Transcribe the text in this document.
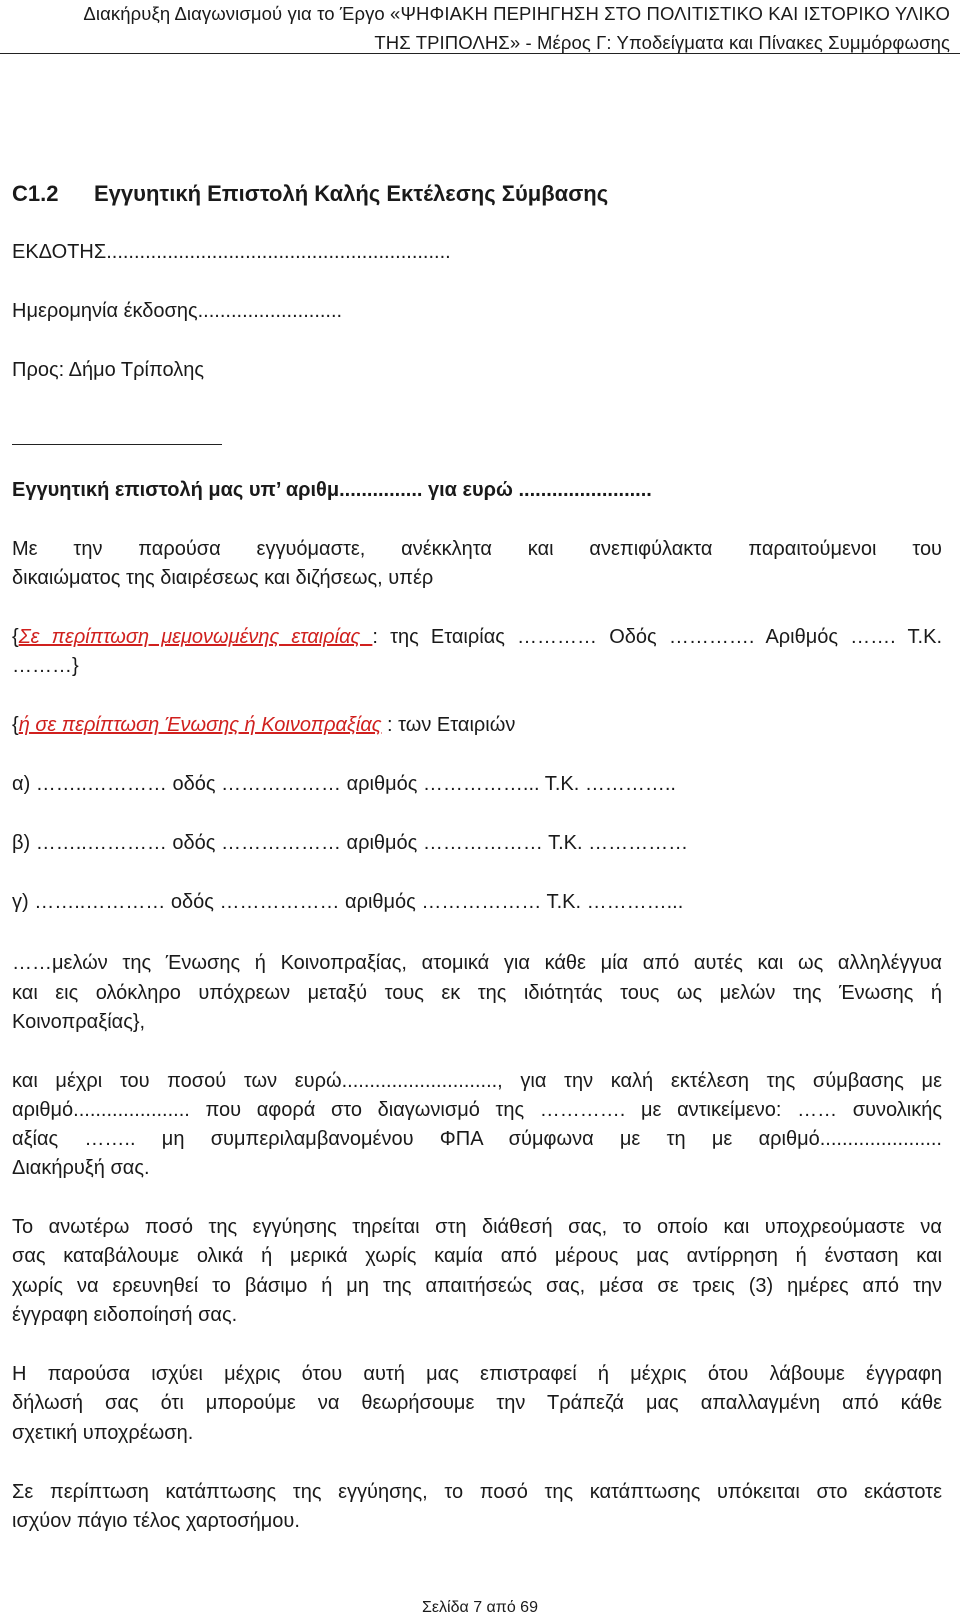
Διακήρυξη Διαγωνισμού για το Έργο «ΨΗΦΙΑΚΗ ΠΕΡΙΗΓΗΣΗ ΣΤΟ ΠΟΛΙΤΙΣΤΙΚΟ ΚΑΙ ΙΣΤΟΡΙΚΟ ΥΛΙΚΟ
ΤΗΣ ΤΡΙΠΟΛΗΣ» - Μέρος Γ: Υποδείγματα και Πίνακες Συμμόρφωσης
C1.2 Εγγυητική Επιστολή Καλής Εκτέλεσης Σύμβασης
ΕΚΔΟΤΗΣ..............................................................
Ημερομηνία έκδοσης..........................
Προς: Δήμο Τρίπολης
Εγγυητική επιστολή μας υπ’ αριθμ............... για ευρώ ........................
Με την παρούσα εγγυόμαστε, ανέκκλητα και ανεπιφύλακτα παραιτούμενοι του
δικαιώματος της διαιρέσεως και διζήσεως, υπέρ
{Σε περίπτωση μεμονωμένης εταιρίας : της Εταιρίας ………… Οδός …………. Αριθμός ……. Τ.Κ.
………}
{ή σε περίπτωση Ένωσης ή Κοινοπραξίας : των Εταιριών
α) ……..………… οδός ……………… αριθμός ……………... Τ.Κ. …………..
β) ……..………… οδός ……………… αριθμός ……………… Τ.Κ. ……………
γ) ……..………… οδός ……………… αριθμός ……………… Τ.Κ. …………...
……μελών της Ένωσης ή Κοινοπραξίας, ατομικά για κάθε μία από αυτές και ως αλληλέγγυα
και εις ολόκληρο υπόχρεων μεταξύ τους εκ της ιδιότητάς τους ως μελών της Ένωσης ή
Κοινοπραξίας},
και μέχρι του ποσού των ευρώ............................, για την καλή εκτέλεση της σύμβασης με
αριθμό..................... που αφορά στο διαγωνισμό της …………. με αντικείμενο: …… συνολικής
αξίας …….. μη συμπεριλαμβανομένου ΦΠΑ σύμφωνα με τη με αριθμό......................
Διακήρυξή σας.
Το ανωτέρω ποσό της εγγύησης τηρείται στη διάθεσή σας, το οποίο και υποχρεούμαστε να
σας καταβάλουμε ολικά ή μερικά χωρίς καμία από μέρους μας αντίρρηση ή ένσταση και
χωρίς να ερευνηθεί το βάσιμο ή μη της απαιτήσεώς σας, μέσα σε τρεις (3) ημέρες από την
έγγραφη ειδοποίησή σας.
Η παρούσα ισχύει μέχρις ότου αυτή μας επιστραφεί ή μέχρις ότου λάβουμε έγγραφη
δήλωσή σας ότι μπορούμε να θεωρήσουμε την Τράπεζά μας απαλλαγμένη από κάθε
σχετική υποχρέωση.
Σε περίπτωση κατάπτωσης της εγγύησης, το ποσό της κατάπτωσης υπόκειται στο εκάστοτε
ισχύον πάγιο τέλος χαρτοσήμου.
Σελίδα 7 από 69
